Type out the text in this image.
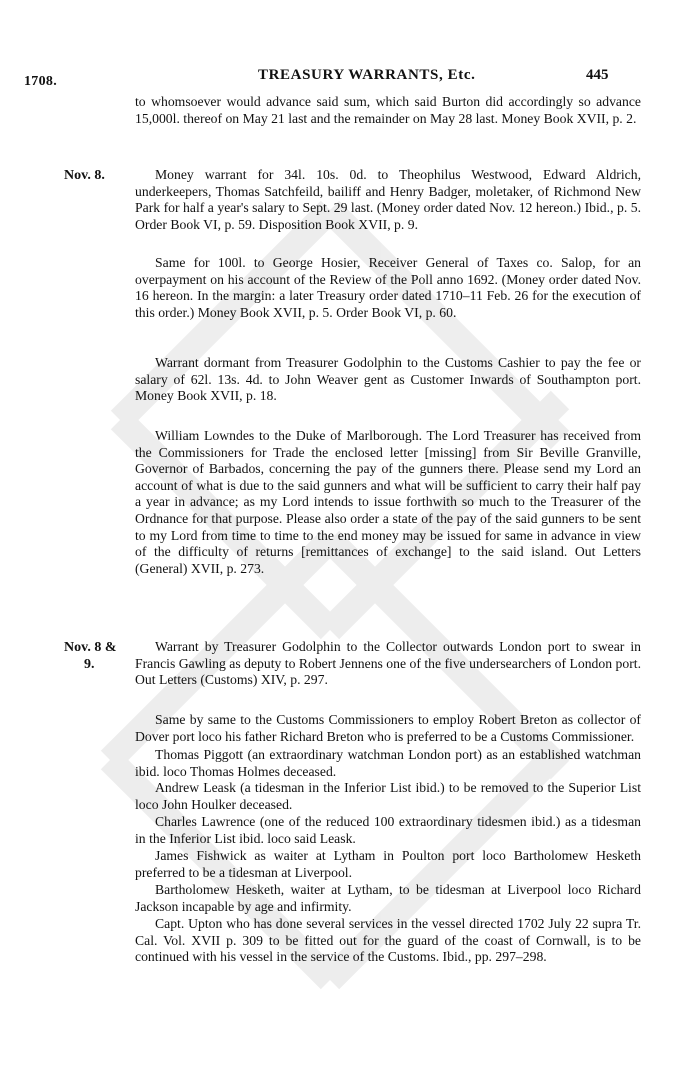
1708.	TREASURY WARRANTS, Etc.	445
to whomsoever would advance said sum, which said Burton did accordingly so advance 15,000l. thereof on May 21 last and the remainder on May 28 last. Money Book XVII, p. 2.
Nov. 8.	Money warrant for 34l. 10s. 0d. to Theophilus Westwood, Edward Aldrich, underkeepers, Thomas Satchfeild, bailiff and Henry Badger, moletaker, of Richmond New Park for half a year's salary to Sept. 29 last. (Money order dated Nov. 12 hereon.) Ibid., p. 5. Order Book VI, p. 59. Disposition Book XVII, p. 9.
Same for 100l. to George Hosier, Receiver General of Taxes co. Salop, for an overpayment on his account of the Review of the Poll anno 1692. (Money order dated Nov. 16 hereon. In the margin: a later Treasury order dated 1710–11 Feb. 26 for the execution of this order.) Money Book XVII, p. 5. Order Book VI, p. 60.
Warrant dormant from Treasurer Godolphin to the Customs Cashier to pay the fee or salary of 62l. 13s. 4d. to John Weaver gent as Customer Inwards of Southampton port. Money Book XVII, p. 18.
William Lowndes to the Duke of Marlborough. The Lord Treasurer has received from the Commissioners for Trade the enclosed letter [missing] from Sir Beville Granville, Governor of Barbados, concerning the pay of the gunners there. Please send my Lord an account of what is due to the said gunners and what will be sufficient to carry their half pay a year in advance; as my Lord intends to issue forthwith so much to the Treasurer of the Ordnance for that purpose. Please also order a state of the pay of the said gunners to be sent to my Lord from time to time to the end money may be issued for same in advance in view of the difficulty of returns [remittances of exchange] to the said island. Out Letters (General) XVII, p. 273.
Nov. 8 &
9.
Warrant by Treasurer Godolphin to the Collector outwards London port to swear in Francis Gawling as deputy to Robert Jennens one of the five undersearchers of London port. Out Letters (Customs) XIV, p. 297.
Same by same to the Customs Commissioners to employ Robert Breton as collector of Dover port loco his father Richard Breton who is preferred to be a Customs Commissioner.
Thomas Piggott (an extraordinary watchman London port) as an established watchman ibid. loco Thomas Holmes deceased.
Andrew Leask (a tidesman in the Inferior List ibid.) to be removed to the Superior List loco John Houlker deceased.
Charles Lawrence (one of the reduced 100 extraordinary tidesmen ibid.) as a tidesman in the Inferior List ibid. loco said Leask.
James Fishwick as waiter at Lytham in Poulton port loco Bartholomew Hesketh preferred to be a tidesman at Liverpool.
Bartholomew Hesketh, waiter at Lytham, to be tidesman at Liverpool loco Richard Jackson incapable by age and infirmity.
Capt. Upton who has done several services in the vessel directed 1702 July 22 supra Tr. Cal. Vol. XVII p. 309 to be fitted out for the guard of the coast of Cornwall, is to be continued with his vessel in the service of the Customs. Ibid., pp. 297–298.
